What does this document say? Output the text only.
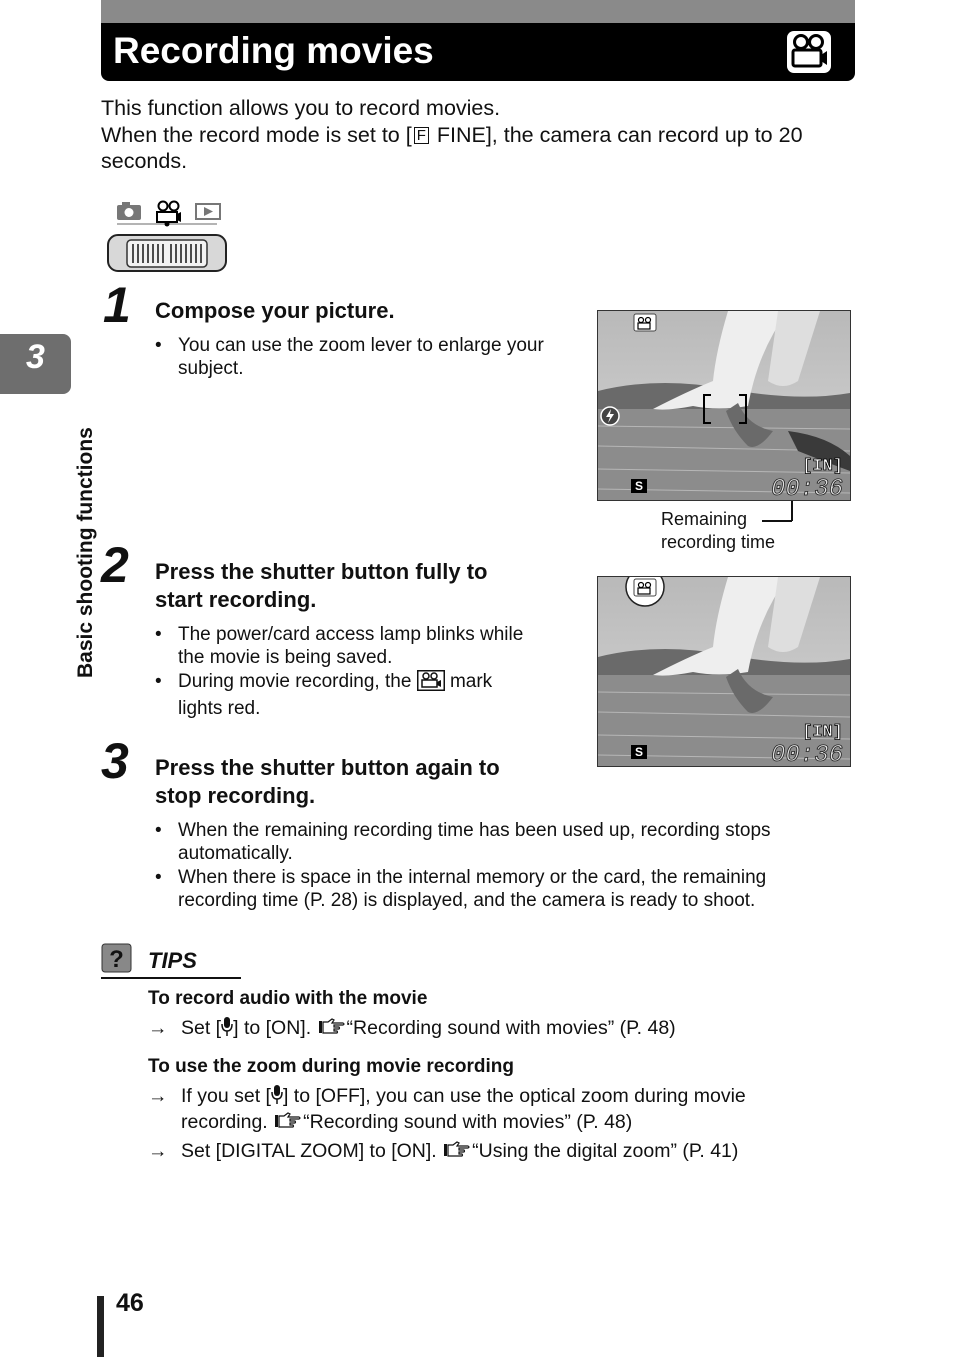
Recording movies
3
Basic shooting functions

This function allows you to record movies.

When the record mode is set to [ F FINE], the camera can record up to 20 seconds.

1 Compose your picture.
• You can use the zoom lever to enlarge your subject.
S
[IN]
00:36
Remaining
recording time
2 Press the shutter button fully to
start recording.
• The power/card access lamp blinks while the movie is being saved.
• During movie recording, the  mark lights red.
S
[IN]
00:36
3 Press the shutter button again to
stop recording.
• When the remaining recording time has been used up, recording stops automatically.
• When there is space in the internal memory or the card, the remaining recording time (P. 28) is displayed, and the camera is ready to shoot.
? TIPS
To record audio with the movie
→ Set [ ] to [ON]. “Recording sound with movies” (P. 48)
To use the zoom during movie recording
→ If you set [ ] to [OFF], you can use the optical zoom during movie
recording. “Recording sound with movies” (P. 48)
→ Set [DIGITAL ZOOM] to [ON]. “Using the digital zoom” (P. 41)
46
